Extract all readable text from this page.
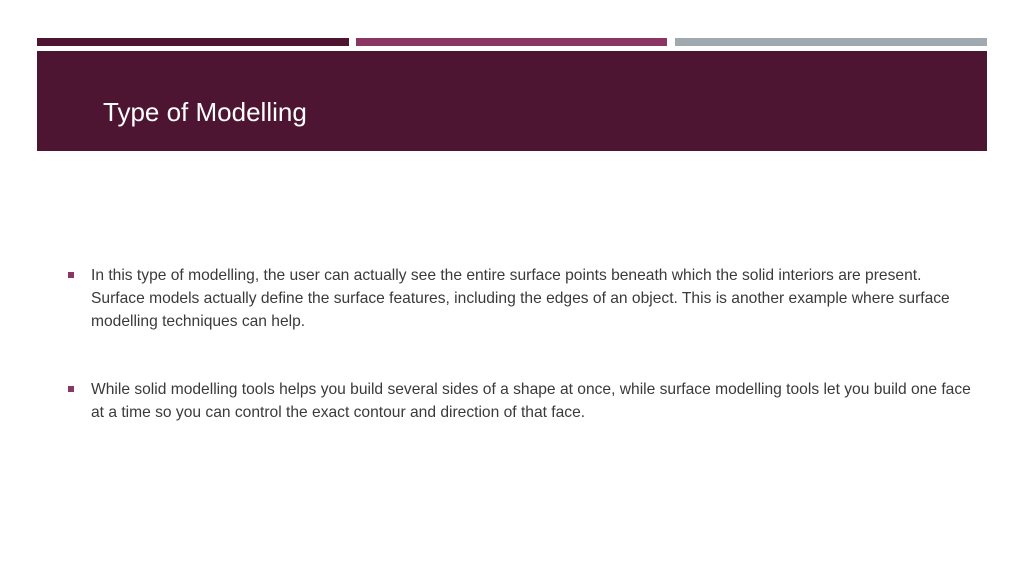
Type of Modelling
In this type of modelling, the user can actually see the entire surface points beneath which the solid interiors are present. Surface models actually define the surface features, including the edges of an object. This is another example where surface modelling techniques can help.
While solid modelling tools helps you build several sides of a shape at once, while surface modelling tools let you build one face at a time so you can control the exact contour and direction of that face.
